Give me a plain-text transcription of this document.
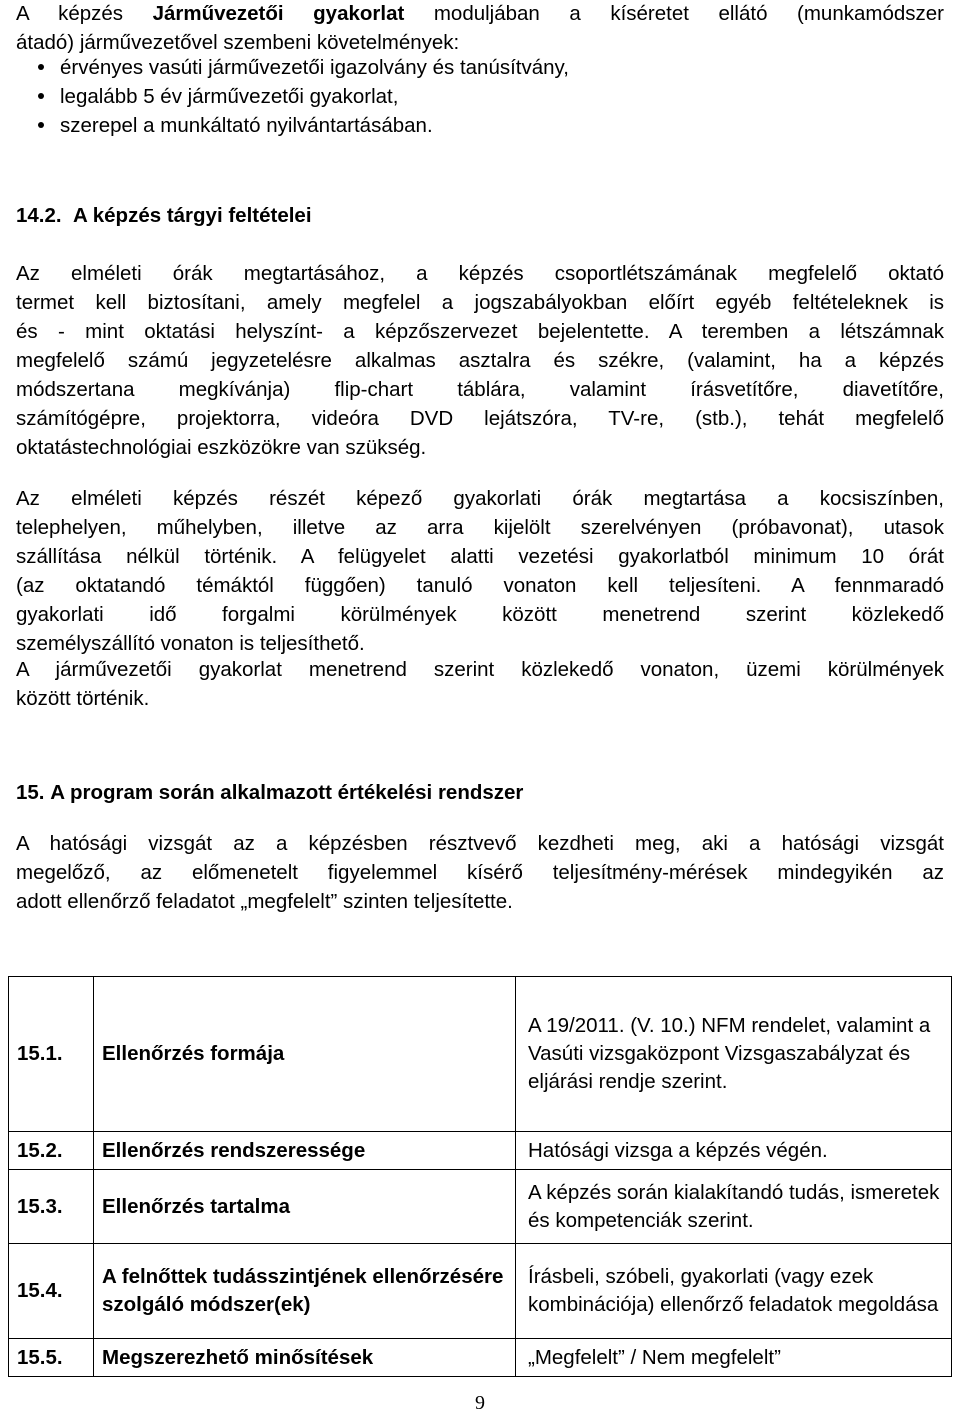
A képzés Járművezetői gyakorlat moduljában a kíséretet ellátó (munkamódszer
átadó) járművezetővel szembeni követelmények:
érvényes vasúti járművezetői igazolvány és tanúsítvány,
legalább 5 év járművezetői gyakorlat,
szerepel a munkáltató nyilvántartásában.
14.2. A képzés tárgyi feltételei
Az elméleti órák megtartásához, a képzés csoportlétszámának megfelelő oktató
termet kell biztosítani, amely megfelel a jogszabályokban előírt egyéb feltételeknek is
és - mint oktatási helyszínt- a képzőszervezet bejelentette. A teremben a létszámnak
megfelelő számú jegyzetelésre alkalmas asztalra és székre, (valamint, ha a képzés
módszertana megkívánja) flip-chart táblára, valamint írásvetítőre, diavetítőre,
számítógépre, projektorra, videóra DVD lejátszóra, TV-re, (stb.), tehát megfelelő
oktatástechnológiai eszközökre van szükség.
Az elméleti képzés részét képező gyakorlati órák megtartása a kocsiszínben,
telephelyen, műhelyben, illetve az arra kijelölt szerelvényen (próbavonat), utasok
szállítása nélkül történik. A felügyelet alatti vezetési gyakorlatból minimum 10 órát
(az oktatandó témáktól függően) tanuló vonaton kell teljesíteni. A fennmaradó
gyakorlati idő forgalmi körülmények között menetrend szerint közlekedő
személyszállító vonaton is teljesíthető.
A járművezetői gyakorlat menetrend szerint közlekedő vonaton, üzemi körülmények
között történik.
15. A program során alkalmazott értékelési rendszer
A hatósági vizsgát az a képzésben résztvevő kezdheti meg, aki a hatósági vizsgát
megelőző, az előmenetelt figyelemmel kísérő teljesítmény-mérések mindegyikén az
adott ellenőrző feladatot „megfelelt” szinten teljesítette.
15.1.	Ellenőrzés formája	A 19/2011. (V. 10.) NFM rendelet, valamint a Vasúti vizsgaközpont Vizsgaszabályzat és eljárási rendje szerint.
15.2.	Ellenőrzés rendszeressége	Hatósági vizsga a képzés végén.
15.3.	Ellenőrzés tartalma	A képzés során kialakítandó tudás, ismeretek és kompetenciák szerint.
15.4.	A felnőttek tudásszintjének ellenőrzésére szolgáló módszer(ek)	Írásbeli, szóbeli, gyakorlati (vagy ezek kombinációja) ellenőrző feladatok megoldása
15.5.	Megszerezhető minősítések	„Megfelelt” / Nem megfelelt”
9
